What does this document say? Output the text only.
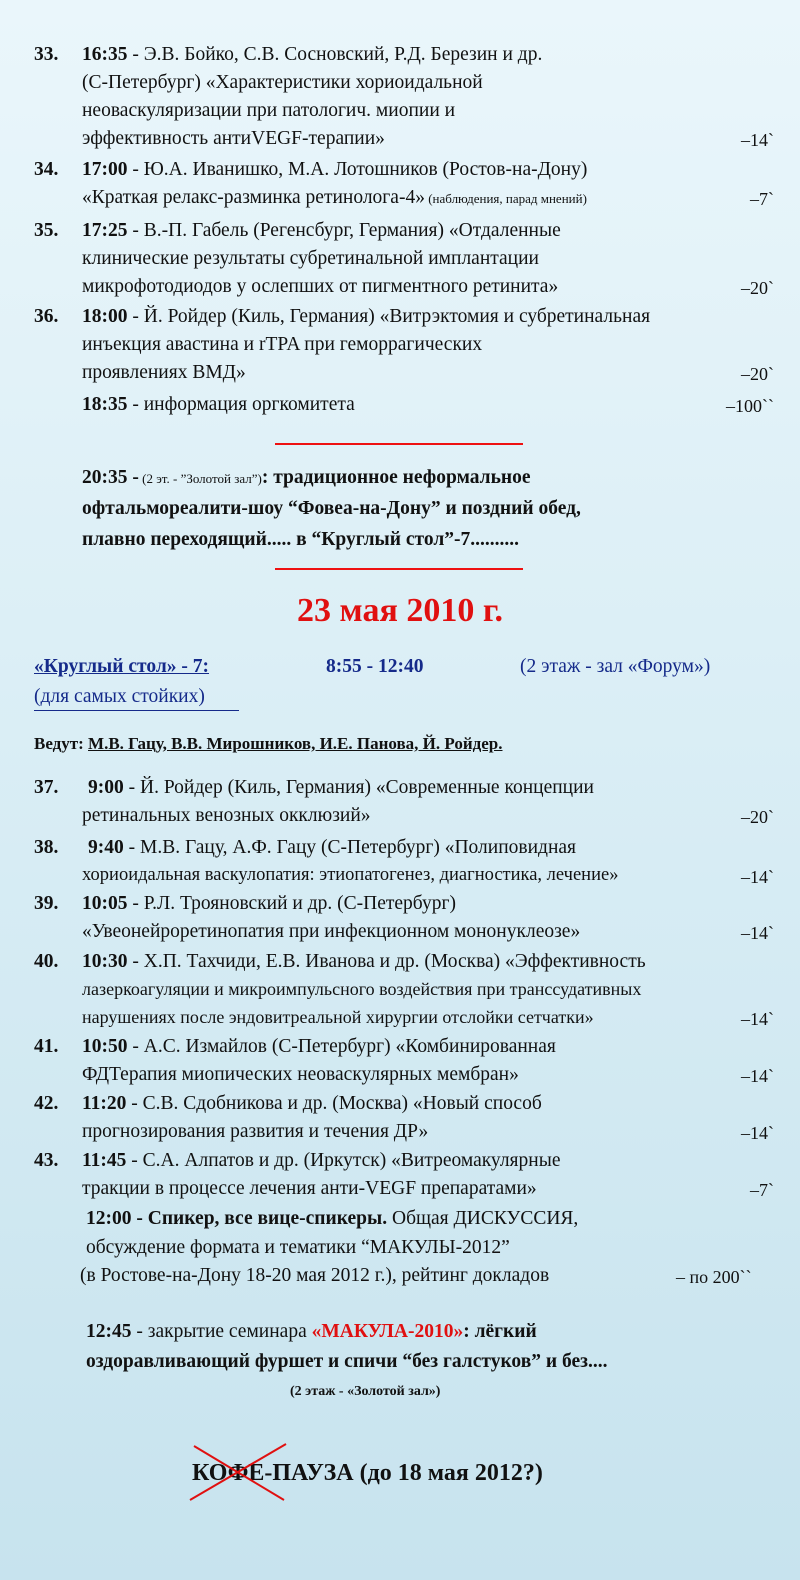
33. 16:35 - Э.В. Бойко, С.В. Сосновский, Р.Д. Березин и др.
(С-Петербург) «Характеристики хориоидальной
неоваскуляризации при патологич. миопии и
эффективность антиVEGF-терапии»	–14`
34. 17:00 - Ю.А. Иванишко, М.А. Лотошников (Ростов-на-Дону)
«Краткая релакс-разминка ретинолога-4» (наблюдения, парад мнений)	–7`
35. 17:25 - В.-П. Габель (Регенсбург, Германия) «Отдаленные
клинические результаты субретинальной имплантации
микрофотодиодов у ослепших от пигментного ретинита»	–20`
36. 18:00 - Й. Ройдер (Киль, Германия) «Витрэктомия и субретинальная
инъекция авастина и rTPA при геморрагических
проявлениях ВМД»	–20`
18:35 - информация оргкомитета	–100``
20:35 - (2 эт. - ”Золотой зал”): традиционное неформальное
офтальмореалити-шоу “Фовеа-на-Дону” и поздний обед,
плавно переходящий..... в “Круглый стол”-7..........
23 мая 2010 г.
«Круглый стол» - 7:
(для самых стойких)
8:55 - 12:40	(2 этаж - зал «Форум»)
Ведут: М.В. Гацу, В.В. Мирошников, И.Е. Панова, Й. Ройдер.
37. 9:00 - Й. Ройдер (Киль, Германия) «Современные концепции
ретинальных венозных окклюзий»	–20`
38. 9:40 - М.В. Гацу, А.Ф. Гацу (С-Петербург) «Полиповидная
хориоидальная васкулопатия: этиопатогенез, диагностика, лечение»	–14`
39. 10:05 - Р.Л. Трояновский и др. (С-Петербург)
«Увеонейроретинопатия при инфекционном мононуклеозе»	–14`
40. 10:30 - Х.П. Тахчиди, Е.В. Иванова и др. (Москва) «Эффективность
лазеркоагуляции и микроимпульсного воздействия при транссудативных
нарушениях после эндовитреальной хирургии отслойки сетчатки»	–14`
41. 10:50 - А.С. Измайлов (С-Петербург) «Комбинированная
ФДТерапия миопических неоваскулярных мембран»	–14`
42. 11:20 - С.В. Сдобникова и др. (Москва) «Новый способ
прогнозирования развития и течения ДР»	–14`
43. 11:45 - С.А. Алпатов и др. (Иркутск) «Витреомакулярные
тракции в процессе лечения анти-VEGF препаратами»	–7`
12:00 - Спикер, все вице-спикеры. Общая ДИСКУССИЯ,
обсуждение формата и тематики “МАКУЛЫ-2012”
(в Ростове-на-Дону 18-20 мая 2012 г.), рейтинг докладов	– по 200``
12:45 - закрытие семинара «МАКУЛА-2010»: лёгкий
оздоравливающий фуршет и спичи “без галстуков” и без....
(2 этаж - «Золотой зал»)
КОФЕ-ПАУЗА (до 18 мая 2012?)
